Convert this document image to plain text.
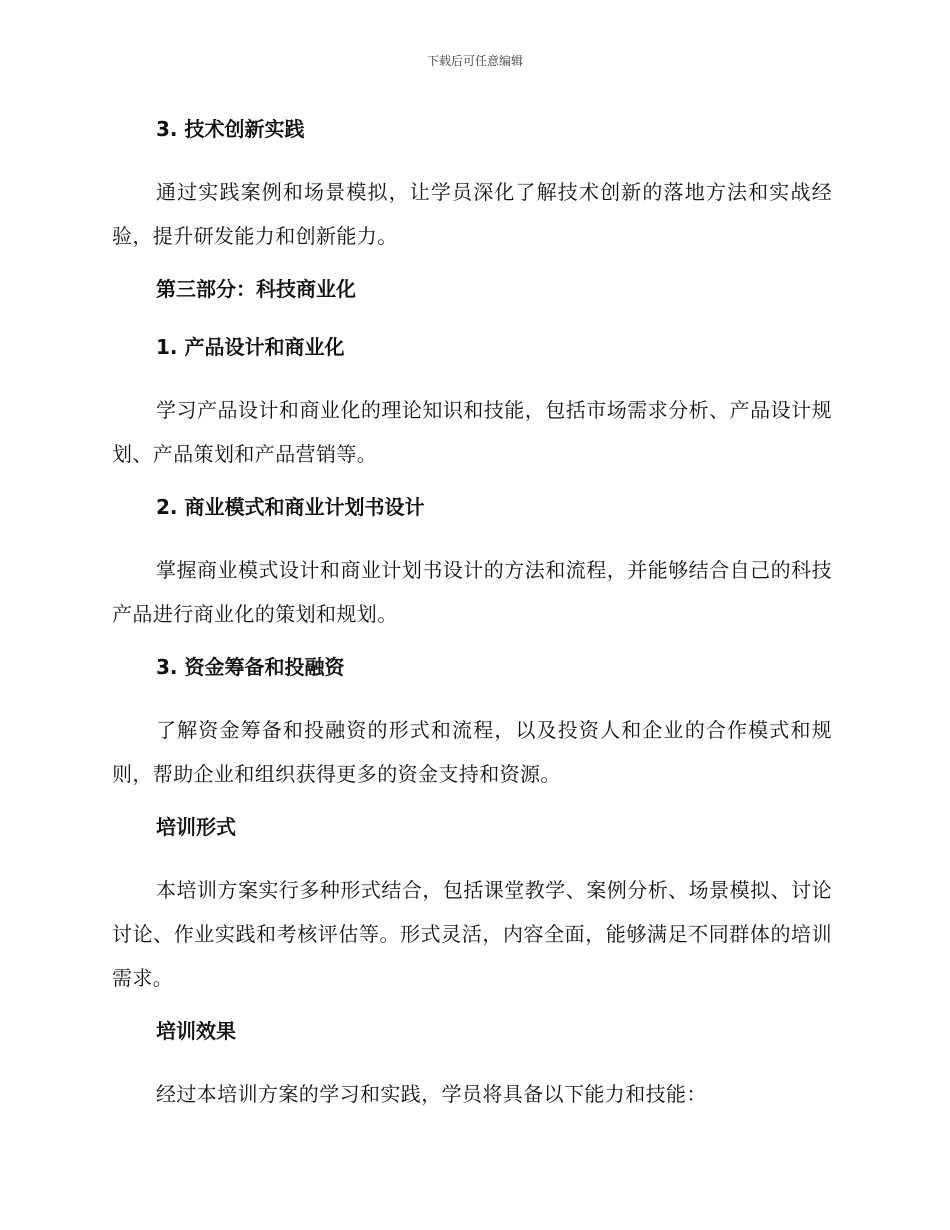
下载后可任意编辑
3. 技术创新实践
通过实践案例和场景模拟，让学员深化了解技术创新的落地方法和实战经验，提升研发能力和创新能力。
第三部分：科技商业化
1. 产品设计和商业化
学习产品设计和商业化的理论知识和技能，包括市场需求分析、产品设计规划、产品策划和产品营销等。
2. 商业模式和商业计划书设计
掌握商业模式设计和商业计划书设计的方法和流程，并能够结合自己的科技产品进行商业化的策划和规划。
3. 资金筹备和投融资
了解资金筹备和投融资的形式和流程，以及投资人和企业的合作模式和规则，帮助企业和组织获得更多的资金支持和资源。
培训形式
本培训方案实行多种形式结合，包括课堂教学、案例分析、场景模拟、讨论讨论、作业实践和考核评估等。形式灵活，内容全面，能够满足不同群体的培训需求。
培训效果
经过本培训方案的学习和实践，学员将具备以下能力和技能：
